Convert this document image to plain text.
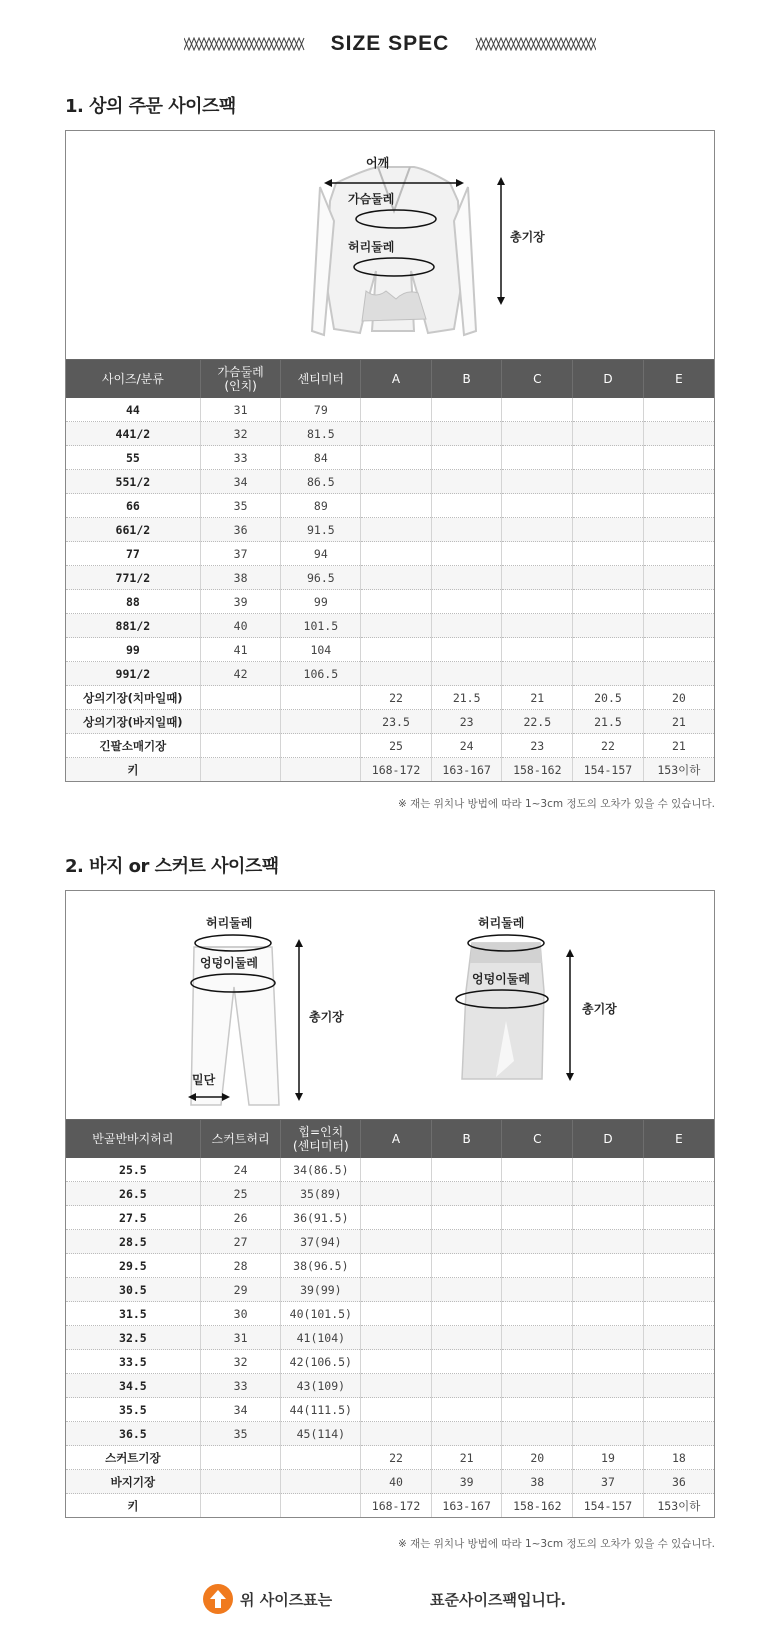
SIZE SPEC
1. 상의 주문 사이즈팩
어깨
가슴둘레
허리둘레
총기장
사이즈/분류	가슴둘레
(인치)	센티미터	A	B	C	D	E
44	31	79					
441/2	32	81.5					
55	33	84					
551/2	34	86.5					
66	35	89					
661/2	36	91.5					
77	37	94					
771/2	38	96.5					
88	39	99					
881/2	40	101.5					
99	41	104					
991/2	42	106.5					
상의기장(치마일때)			22	21.5	21	20.5	20
상의기장(바지일때)			23.5	23	22.5	21.5	21
긴팔소매기장			25	24	23	22	21
키			168-172	163-167	158-162	154-157	153이하
※ 재는 위치나 방법에 따라 1~3cm 정도의 오차가 있을 수 있습니다.
2. 바지 or 스커트 사이즈팩
허리둘레
엉덩이둘레
밑단
총기장
허리둘레
엉덩이둘레
총기장
반골반바지허리	스커트허리	힙=인치
(센티미터)	A	B	C	D	E
25.5	24	34(86.5)					
26.5	25	35(89)					
27.5	26	36(91.5)					
28.5	27	37(94)					
29.5	28	38(96.5)					
30.5	29	39(99)					
31.5	30	40(101.5)					
32.5	31	41(104)					
33.5	32	42(106.5)					
34.5	33	43(109)					
35.5	34	44(111.5)					
36.5	35	45(114)					
스커트기장			22	21	20	19	18
바지기장			40	39	38	37	36
키			168-172	163-167	158-162	154-157	153이하
※ 재는 위치나 방법에 따라 1~3cm 정도의 오차가 있을 수 있습니다.
위 사이즈표는	표준사이즈팩입니다.
